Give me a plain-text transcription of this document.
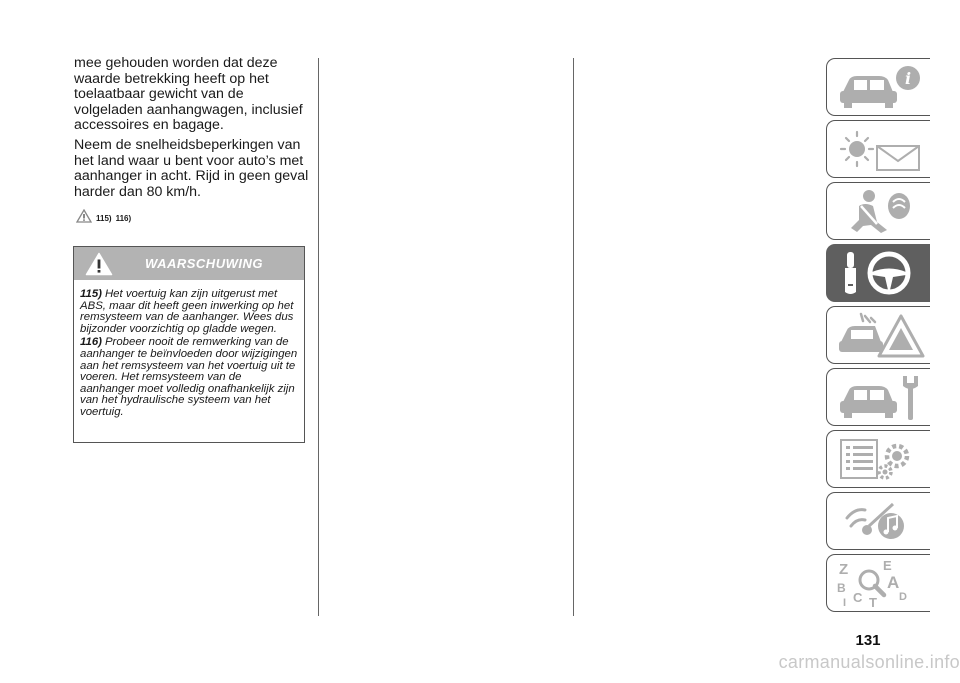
mee gehouden worden dat deze waarde betrekking heeft op het toelaatbaar gewicht van de volgeladen aanhangwagen, inclusief accessoires en bagage.

Neem de snelheidsbeperkingen van het land waar u bent voor auto’s met aanhanger in acht. Rijd in geen geval harder dan 80 km/h.

115) 116)
WAARSCHUWING

115) Het voertuig kan zijn uitgerust met ABS, maar dit heeft geen inwerking op het remsysteem van de aanhanger. Wees dus bijzonder voorzichtig op gladde wegen.

116) Probeer nooit de remwerking van de aanhanger te beïnvloeden door wijzigingen aan het remsysteem van het voertuig uit te voeren. Het remsysteem van de aanhanger moet volledig onafhankelijk zijn van het hydraulische systeem van het voertuig.

i
Z	E
A
B
C T D
I
131
carmanualsonline.info
